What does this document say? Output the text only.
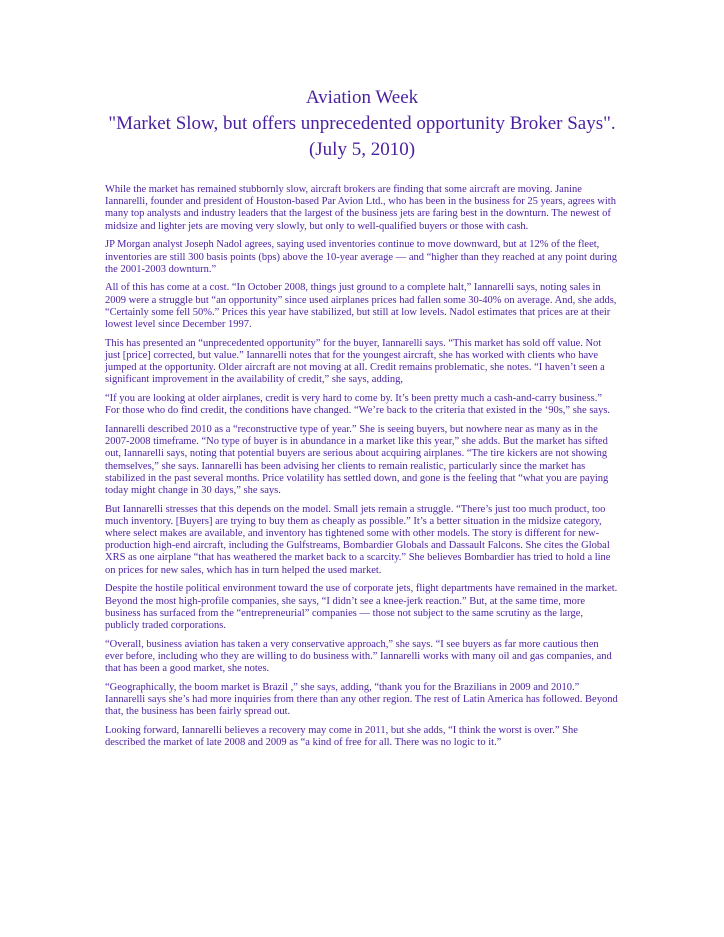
Aviation Week
"Market Slow, but offers unprecedented opportunity Broker Says".
(July 5, 2010)

While the market has remained stubbornly slow, aircraft brokers are finding that some aircraft are moving. Janine Iannarelli, founder and president of Houston-based Par Avion Ltd., who has been in the business for 25 years, agrees with many top analysts and industry leaders that the largest of the business jets are faring best in the downturn. The newest of midsize and lighter jets are moving very slowly, but only to well-qualified buyers or those with cash.

JP Morgan analyst Joseph Nadol agrees, saying used inventories continue to move downward, but at 12% of the fleet, inventories are still 300 basis points (bps) above the 10-year average — and “higher than they reached at any point during the 2001-2003 downturn.”

All of this has come at a cost. “In October 2008, things just ground to a complete halt,” Iannarelli says, noting sales in 2009 were a struggle but “an opportunity” since used airplanes prices had fallen some 30-40% on average. And, she adds, “Certainly some fell 50%.” Prices this year have stabilized, but still at low levels. Nadol estimates that prices are at their lowest level since December 1997.

This has presented an “unprecedented opportunity” for the buyer, Iannarelli says. “This market has sold off value. Not just [price] corrected, but value.” Iannarelli notes that for the youngest aircraft, she has worked with clients who have jumped at the opportunity. Older aircraft are not moving at all. Credit remains problematic, she notes. “I haven’t seen a significant improvement in the availability of credit,” she says, adding,

“If you are looking at older airplanes, credit is very hard to come by. It’s been pretty much a cash-and-carry business.” For those who do find credit, the conditions have changed. “We’re back to the criteria that existed in the ‘90s,” she says.

Iannarelli described 2010 as a “reconstructive type of year.” She is seeing buyers, but nowhere near as many as in the 2007-2008 timeframe. “No type of buyer is in abundance in a market like this year,” she adds. But the market has sifted out, Iannarelli says, noting that potential buyers are serious about acquiring airplanes. “The tire kickers are not showing themselves,” she says. Iannarelli has been advising her clients to remain realistic, particularly since the market has stabilized in the past several months. Price volatility has settled down, and gone is the feeling that “what you are paying today might change in 30 days,” she says.

But Iannarelli stresses that this depends on the model. Small jets remain a struggle. “There’s just too much product, too much inventory. [Buyers] are trying to buy them as cheaply as possible.” It’s a better situation in the midsize category, where select makes are available, and inventory has tightened some with other models. The story is different for new-production high-end aircraft, including the Gulfstreams, Bombardier Globals and Dassault Falcons. She cites the Global XRS as one airplane “that has weathered the market back to a scarcity.” She believes Bombardier has tried to hold a line on prices for new sales, which has in turn helped the used market.

Despite the hostile political environment toward the use of corporate jets, flight departments have remained in the market. Beyond the most high-profile companies, she says, “I didn’t see a knee-jerk reaction.” But, at the same time, more business has surfaced from the “entrepreneurial” companies — those not subject to the same scrutiny as the large, publicly traded corporations.

“Overall, business aviation has taken a very conservative approach,” she says. “I see buyers as far more cautious then ever before, including who they are willing to do business with.” Iannarelli works with many oil and gas companies, and that has been a good market, she notes.

“Geographically, the boom market is Brazil ,” she says, adding, “thank you for the Brazilians in 2009 and 2010.” Iannarelli says she’s had more inquiries from there than any other region. The rest of Latin America has followed. Beyond that, the business has been fairly spread out.

Looking forward, Iannarelli believes a recovery may come in 2011, but she adds, “I think the worst is over.” She described the market of late 2008 and 2009 as “a kind of free for all. There was no logic to it.”
